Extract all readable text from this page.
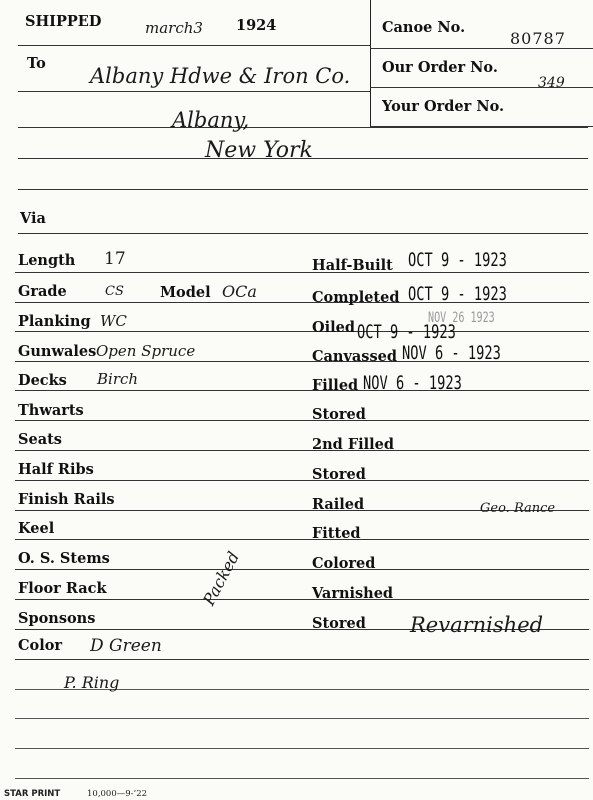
SHIPPED	march3 1924
To
Albany Hdwe & Iron Co.
Albany,
New York
Via
Canoe No.
80787
Our Order No.
349
Your Order No.
Length
Grade
Planking
Gunwales
Decks
Thwarts
Seats
Half Ribs
Finish Rails
Keel
O. S. Stems
Floor Rack
Sponsons
Color
17
CS Model OCa
WC
Open Spruce
Birch
D Green
P. Ring
Packed
Half-Built
Completed
Oiled
Canvassed
Filled
Stored
2nd Filled
Stored
Railed
Fitted
Colored
Varnished
Stored
OCT 9 - 1923
OCT 9 - 1923
NOV 26 1923
OCT 9 - 1923
NOV 6 - 1923
NOV 6 - 1923
Geo. Rance
Revarnished
STAR PRINT	10,000—9-’22
